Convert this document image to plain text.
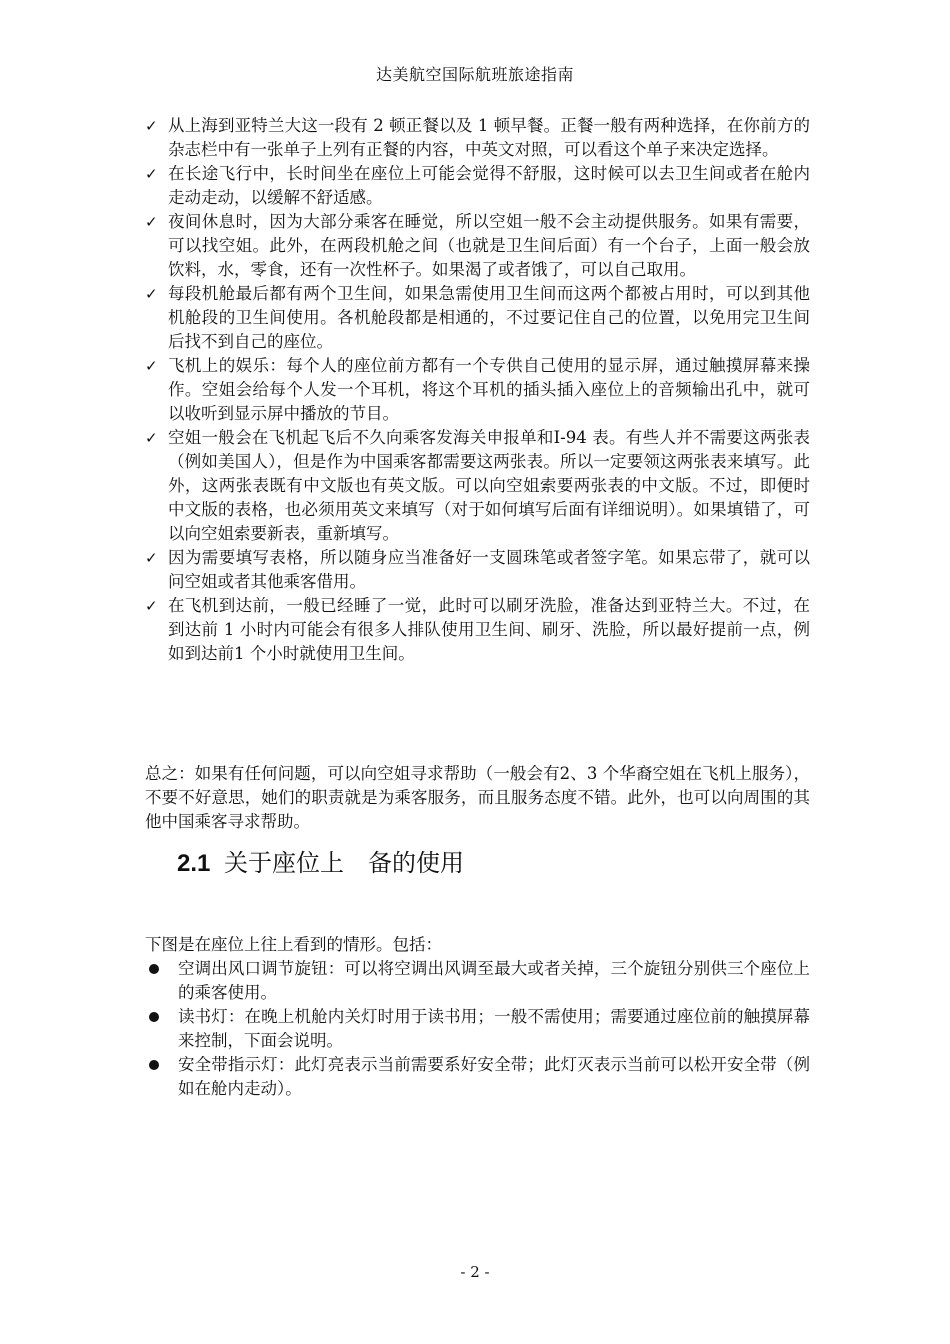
达美航空国际航班旅途指南
✓ 从上海到亚特兰大这一段有 2 顿正餐以及 1 顿早餐。正餐一般有两种选择，在你前方的杂志栏中有一张单子上列有正餐的内容，中英文对照，可以看这个单子来决定选择。
✓ 在长途飞行中，长时间坐在座位上可能会觉得不舒服，这时候可以去卫生间或者在舱内走动走动，以缓解不舒适感。
✓ 夜间休息时，因为大部分乘客在睡觉，所以空姐一般不会主动提供服务。如果有需要，可以找空姐。此外，在两段机舱之间（也就是卫生间后面）有一个台子，上面一般会放饮料，水，零食，还有一次性杯子。如果渴了或者饿了，可以自己取用。
✓ 每段机舱最后都有两个卫生间，如果急需使用卫生间而这两个都被占用时，可以到其他机舱段的卫生间使用。各机舱段都是相通的，不过要记住自己的位置，以免用完卫生间后找不到自己的座位。
✓ 飞机上的娱乐：每个人的座位前方都有一个专供自己使用的显示屏，通过触摸屏幕来操作。空姐会给每个人发一个耳机，将这个耳机的插头插入座位上的音频输出孔中，就可以收听到显示屏中播放的节目。
✓ 空姐一般会在飞机起飞后不久向乘客发海关申报单和I-94 表。有些人并不需要这两张表（例如美国人），但是作为中国乘客都需要这两张表。所以一定要领这两张表来填写。此外，这两张表既有中文版也有英文版。可以向空姐索要两张表的中文版。不过，即便时中文版的表格，也必须用英文来填写（对于如何填写后面有详细说明）。如果填错了，可以向空姐索要新表，重新填写。
✓ 因为需要填写表格，所以随身应当准备好一支圆珠笔或者签字笔。如果忘带了，就可以问空姐或者其他乘客借用。
✓ 在飞机到达前，一般已经睡了一觉，此时可以刷牙洗脸，准备达到亚特兰大。不过，在到达前 1 小时内可能会有很多人排队使用卫生间、刷牙、洗脸，所以最好提前一点，例如到达前1 个小时就使用卫生间。

总之：如果有任何问题，可以向空姐寻求帮助（一般会有2、3 个华裔空姐在飞机上服务），不要不好意思，她们的职责就是为乘客服务，而且服务态度不错。此外，也可以向周围的其他中国乘客寻求帮助。

2.1 关于座位上　备的使用

下图是在座位上往上看到的情形。包括：

空调出风口调节旋钮：可以将空调出风调至最大或者关掉，三个旋钮分别供三个座位上的乘客使用。
读书灯：在晚上机舱内关灯时用于读书用；一般不需使用；需要通过座位前的触摸屏幕来控制，下面会说明。
安全带指示灯：此灯亮表示当前需要系好安全带；此灯灭表示当前可以松开安全带（例如在舱内走动）。
- 2 -
